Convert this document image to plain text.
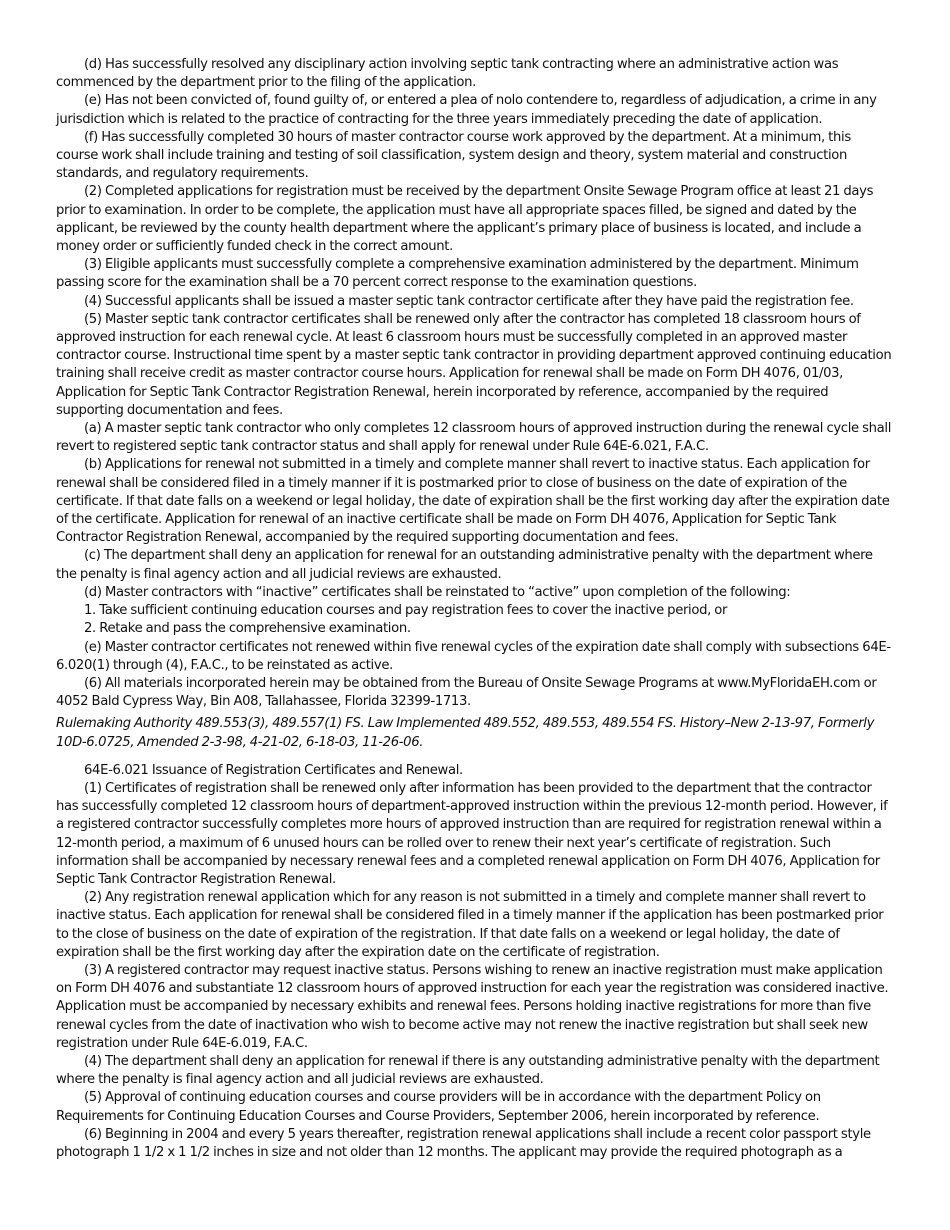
(d) Has successfully resolved any disciplinary action involving septic tank contracting where an administrative action was commenced by the department prior to the filing of the application.

(e) Has not been convicted of, found guilty of, or entered a plea of nolo contendere to, regardless of adjudication, a crime in any jurisdiction which is related to the practice of contracting for the three years immediately preceding the date of application.

(f) Has successfully completed 30 hours of master contractor course work approved by the department. At a minimum, this course work shall include training and testing of soil classification, system design and theory, system material and construction standards, and regulatory requirements.

(2) Completed applications for registration must be received by the department Onsite Sewage Program office at least 21 days prior to examination. In order to be complete, the application must have all appropriate spaces filled, be signed and dated by the applicant, be reviewed by the county health department where the applicant’s primary place of business is located, and include a money order or sufficiently funded check in the correct amount.

(3) Eligible applicants must successfully complete a comprehensive examination administered by the department. Minimum passing score for the examination shall be a 70 percent correct response to the examination questions.

(4) Successful applicants shall be issued a master septic tank contractor certificate after they have paid the registration fee.

(5) Master septic tank contractor certificates shall be renewed only after the contractor has completed 18 classroom hours of approved instruction for each renewal cycle. At least 6 classroom hours must be successfully completed in an approved master contractor course. Instructional time spent by a master septic tank contractor in providing department approved continuing education training shall receive credit as master contractor course hours. Application for renewal shall be made on Form DH 4076, 01/03, Application for Septic Tank Contractor Registration Renewal, herein incorporated by reference, accompanied by the required supporting documentation and fees.

(a) A master septic tank contractor who only completes 12 classroom hours of approved instruction during the renewal cycle shall revert to registered septic tank contractor status and shall apply for renewal under Rule 64E-6.021, F.A.C.

(b) Applications for renewal not submitted in a timely and complete manner shall revert to inactive status. Each application for renewal shall be considered filed in a timely manner if it is postmarked prior to close of business on the date of expiration of the certificate. If that date falls on a weekend or legal holiday, the date of expiration shall be the first working day after the expiration date of the certificate. Application for renewal of an inactive certificate shall be made on Form DH 4076, Application for Septic Tank Contractor Registration Renewal, accompanied by the required supporting documentation and fees.

(c) The department shall deny an application for renewal for an outstanding administrative penalty with the department where the penalty is final agency action and all judicial reviews are exhausted.

(d) Master contractors with “inactive” certificates shall be reinstated to “active” upon completion of the following:

1. Take sufficient continuing education courses and pay registration fees to cover the inactive period, or

2. Retake and pass the comprehensive examination.

(e) Master contractor certificates not renewed within five renewal cycles of the expiration date shall comply with subsections 64E-6.020(1) through (4), F.A.C., to be reinstated as active.

(6) All materials incorporated herein may be obtained from the Bureau of Onsite Sewage Programs at www.MyFloridaEH.com or 4052 Bald Cypress Way, Bin A08, Tallahassee, Florida 32399-1713.

Rulemaking Authority 489.553(3), 489.557(1) FS. Law Implemented 489.552, 489.553, 489.554 FS. History–New 2-13-97, Formerly 10D-6.0725, Amended 2-3-98, 4-21-02, 6-18-03, 11-26-06.

64E-6.021 Issuance of Registration Certificates and Renewal.

(1) Certificates of registration shall be renewed only after information has been provided to the department that the contractor has successfully completed 12 classroom hours of department-approved instruction within the previous 12-month period. However, if a registered contractor successfully completes more hours of approved instruction than are required for registration renewal within a 12-month period, a maximum of 6 unused hours can be rolled over to renew their next year’s certificate of registration. Such information shall be accompanied by necessary renewal fees and a completed renewal application on Form DH 4076, Application for Septic Tank Contractor Registration Renewal.

(2) Any registration renewal application which for any reason is not submitted in a timely and complete manner shall revert to inactive status. Each application for renewal shall be considered filed in a timely manner if the application has been postmarked prior to the close of business on the date of expiration of the registration. If that date falls on a weekend or legal holiday, the date of expiration shall be the first working day after the expiration date on the certificate of registration.

(3) A registered contractor may request inactive status. Persons wishing to renew an inactive registration must make application on Form DH 4076 and substantiate 12 classroom hours of approved instruction for each year the registration was considered inactive. Application must be accompanied by necessary exhibits and renewal fees. Persons holding inactive registrations for more than five renewal cycles from the date of inactivation who wish to become active may not renew the inactive registration but shall seek new registration under Rule 64E-6.019, F.A.C.

(4) The department shall deny an application for renewal if there is any outstanding administrative penalty with the department where the penalty is final agency action and all judicial reviews are exhausted.

(5) Approval of continuing education courses and course providers will be in accordance with the department Policy on Requirements for Continuing Education Courses and Course Providers, September 2006, herein incorporated by reference.

(6) Beginning in 2004 and every 5 years thereafter, registration renewal applications shall include a recent color passport style photograph 1 1/2 x 1 1/2 inches in size and not older than 12 months. The applicant may provide the required photograph as a
